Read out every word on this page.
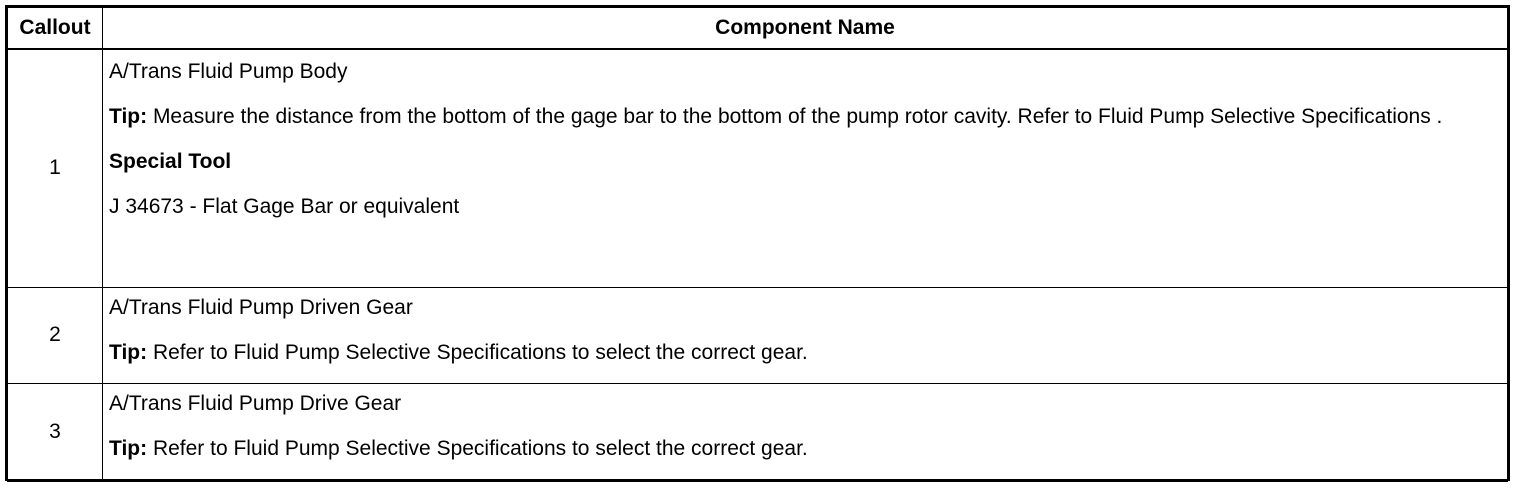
Callout	Component Name
1	A/Trans Fluid Pump Body
Tip: Measure the distance from the bottom of the gage bar to the bottom of the pump rotor cavity. Refer to Fluid Pump Selective Specifications .
Special Tool
J 34673 - Flat Gage Bar or equivalent

2	A/Trans Fluid Pump Driven Gear
Tip: Refer to Fluid Pump Selective Specifications to select the correct gear.

3	A/Trans Fluid Pump Drive Gear
Tip: Refer to Fluid Pump Selective Specifications to select the correct gear.
